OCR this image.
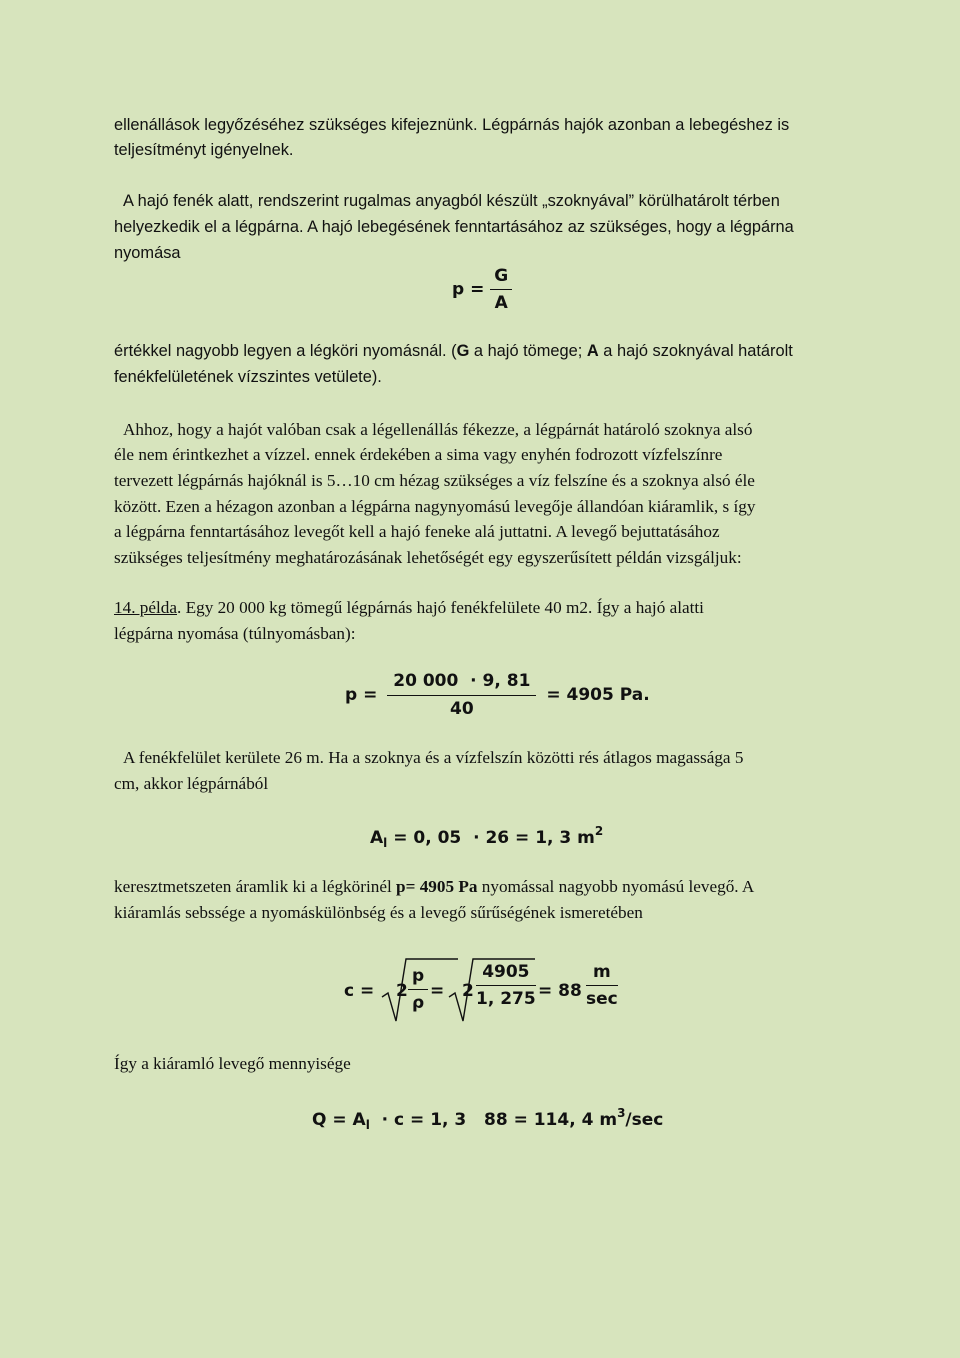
ellenállások legyőzéséhez szükséges kifejeznünk. Légpárnás hajók azonban a lebegéshez is
teljesítményt igényelnek.
A hajó fenék alatt, rendszerint rugalmas anyagból készült „szoknyával” körülhatárolt térben
helyezkedik el a légpárna. A hajó lebegésének fenntartásához az szükséges, hogy a légpárna
nyomása
$p = \frac{G}{A}$
értékkel nagyobb legyen a légköri nyomásnál. (G a hajó tömege; A a hajó szoknyával határolt
fenékfelületének vízszintes vetülete).
Ahhoz, hogy a hajót valóban csak a légellenállás fékezze, a légpárnát határoló szoknya alsó
éle nem érintkezhet a vízzel. ennek érdekében a sima vagy enyhén fodrozott vízfelszínre
tervezett légpárnás hajóknál is 5…10 cm hézag szükséges a víz felszíne és a szoknya alsó éle
között. Ezen a hézagon azonban a légpárna nagynyomású levegője állandóan kiáramlik, s így
a légpárna fenntartásához levegőt kell a hajó feneke alá juttatni. A levegő bejuttatásához
szükséges teljesítmény meghatározásának lehetőségét egy egyszerűsített példán vizsgáljuk:
14. példa. Egy 20 000 kg tömegű légpárnás hajó fenékfelülete 40 m2. Így a hajó alatti
légpárna nyomása (túlnyomásban):
$p = \frac{20 000 \cdot 9, 81}{40} = 4905$ Pa.
A fenékfelület kerülete 26 m. Ha a szoknya és a vízfelszín közötti rés átlagos magassága 5
cm, akkor légpárnából
$A_l = 0$, 05  · 26 = 1, 3 $m^2$
keresztmetszeten áramlik ki a légkörinél p= 4905 Pa nyomással nagyobb nyomású levegő. A
kiáramlás sebssége a nyomáskülönbség és a levegő sűrűségének ismeretében
$c = 2 \frac{p}{\rho} = 2 \frac{4905}{1, 275} = 88 \frac{m}{\sec}$
Így a kiáramló levegő mennyisége
$Q = A_l \cdot c = 1$, 3   88 = 114, 4 $m^3/\sec$
